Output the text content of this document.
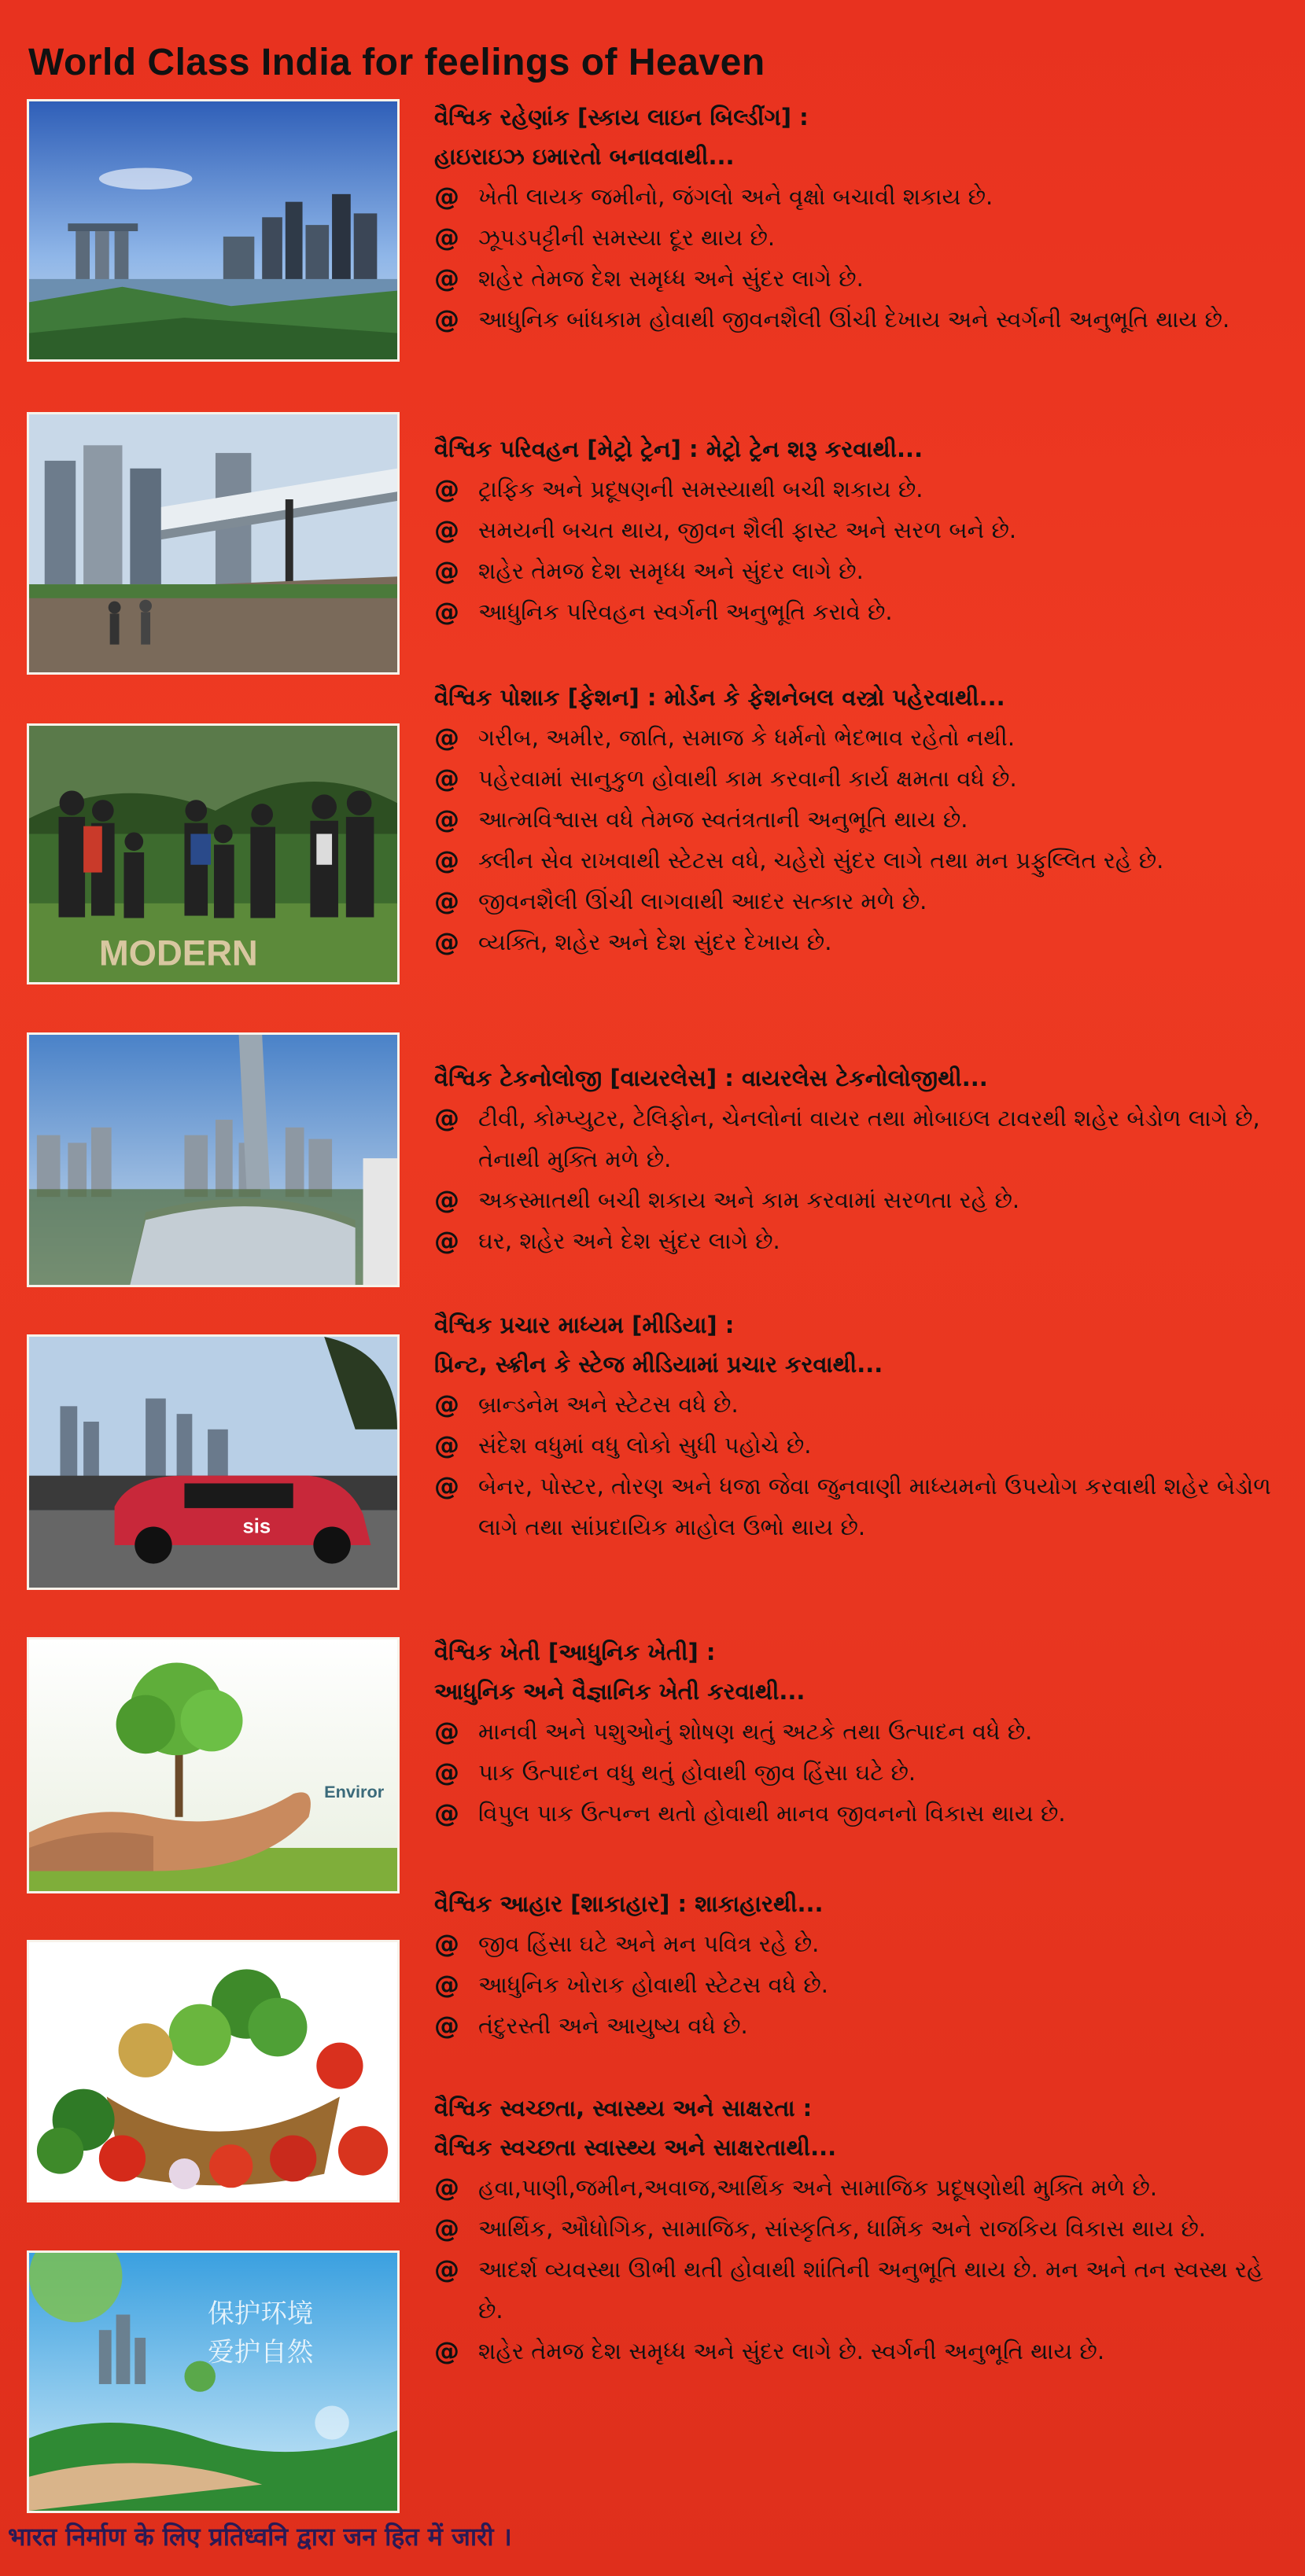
World Class India for feelings of Heaven
MODERN
sis
Enviror
保护环境
爱护自然
વૈશ્વિક રહેણાંક [સ્કાય લાઇન બિલ્ડીંગ] :
હાઇરાઇઝ ઇમારતો બનાવવાથી...
@ ખેતી લાયક જમીનો, જંગલો અને વૃક્ષો બચાવી શકાય છે.
@ ઝૂપડપટ્ટીની સમસ્યા દૂર થાય છે.
@ શહેર તેમજ દેશ સમૃધ્ધ અને સુંદર લાગે છે.
@ આધુનિક બાંધકામ હોવાથી જીવનશૈલી ઊંચી દેખાય અને સ્વર્ગની અનુભૂતિ થાય છે.
વૈશ્વિક પરિવહન [મેટ્રો ટ્રેન] : મેટ્રો ટ્રેન શરૂ કરવાથી...
@ ટ્રાફિક અને પ્રદૂષણની સમસ્યાથી બચી શકાય છે.
@ સમયની બચત થાય, જીવન શૈલી ફાસ્ટ અને સરળ બને છે.
@ શહેર તેમજ દેશ સમૃધ્ધ અને સુંદર લાગે છે.
@ આધુનિક પરિવહન સ્વર્ગની અનુભૂતિ કરાવે છે.
વૈશ્વિક પોશાક [ફેશન] : મોર્ડન કે ફેશનેબલ વસ્ત્રો પહેરવાથી...
@ ગરીબ, અમીર, જાતિ, સમાજ કે ધર્મનો ભેદભાવ રહેતો નથી.
@ પહેરવામાં સાનુકુળ હોવાથી કામ કરવાની કાર્ય ક્ષમતા વધે છે.
@ આત્મવિશ્વાસ વધે તેમજ સ્વતંત્રતાની અનુભૂતિ થાય છે.
@ ક્લીન સેવ રાખવાથી સ્ટેટસ વધે, ચહેરો સુંદર લાગે તથા મન પ્રફુલ્લિત રહે છે.
@ જીવનશૈલી ઊંચી લાગવાથી આદર સત્કાર મળે છે.
@ વ્યક્તિ, શહેર અને દેશ સુંદર દેખાય છે.
વૈશ્વિક ટેકનોલોજી [વાયરલેસ] : વાયરલેસ ટેકનોલોજીથી...
@ ટીવી, કોમ્પ્યુટર, ટેલિફોન, ચેનલોનાં વાયર તથા મોબાઇલ ટાવરથી શહેર બેડોળ લાગે છે, તેનાથી મુક્તિ મળે છે.
@ અકસ્માતથી બચી શકાય અને કામ કરવામાં સરળતા રહે છે.
@ ઘર, શહેર અને દેશ સુંદર લાગે છે.
વૈશ્વિક પ્રચાર માધ્યમ [મીડિયા] :
પ્રિન્ટ, સ્ક્રીન કે સ્ટેજ મીડિયામાં પ્રચાર કરવાથી...
@ બ્રાન્ડનેમ અને સ્ટેટસ વધે છે.
@ સંદેશ વધુમાં વધુ લોકો સુધી પહોચે છે.
@ બેનર, પોસ્ટર, તોરણ અને ધજા જેવા જુનવાણી માધ્યમનો ઉપયોગ કરવાથી શહેર બેડોળ લાગે તથા સાંપ્રદાયિક માહોલ ઉભો થાય છે.
વૈશ્વિક ખેતી [આધુનિક ખેતી] :
આધુનિક અને વૈજ્ઞાનિક ખેતી કરવાથી...
@ માનવી અને પશુઓનું શોષણ થતું અટકે તથા ઉત્પાદન વધે છે.
@ પાક ઉત્પાદન વધુ થતું હોવાથી જીવ હિંસા ઘટે છે.
@ વિપુલ પાક ઉત્પન્ન થતો હોવાથી માનવ જીવનનો વિકાસ થાય છે.
વૈશ્વિક આહાર [શાકાહાર] : શાકાહારથી...
@ જીવ હિંસા ઘટે અને મન પવિત્ર રહે છે.
@ આધુનિક ખોરાક હોવાથી સ્ટેટસ વધે છે.
@ તંદુરસ્તી અને આયુષ્ય વધે છે.
વૈશ્વિક સ્વચ્છતા, સ્વાસ્થ્ય અને સાક્ષરતા :
વૈશ્વિક સ્વચ્છતા સ્વાસ્થ્ય અને સાક્ષરતાથી...
@ હવા,પાણી,જમીન,અવાજ,આર્થિક અને સામાજિક પ્રદૂષણોથી મુક્તિ મળે છે.
@ આર્થિક, ઔધોગિક, સામાજિક, સાંસ્કૃતિક, ધાર્મિક અને રાજકિય વિકાસ થાય છે.
@ આદર્શ વ્યવસ્થા ઊભી થતી હોવાથી શાંતિની અનુભૂતિ થાય છે. મન અને તન સ્વસ્થ રહે છે.
@ શહેર તેમજ દેશ સમૃધ્ધ અને સુંદર લાગે છે. સ્વર્ગની અનુભૂતિ થાય છે.
भारत निर्माण के लिए प्रतिध्वनि द्वारा जन हित में जारी ।
